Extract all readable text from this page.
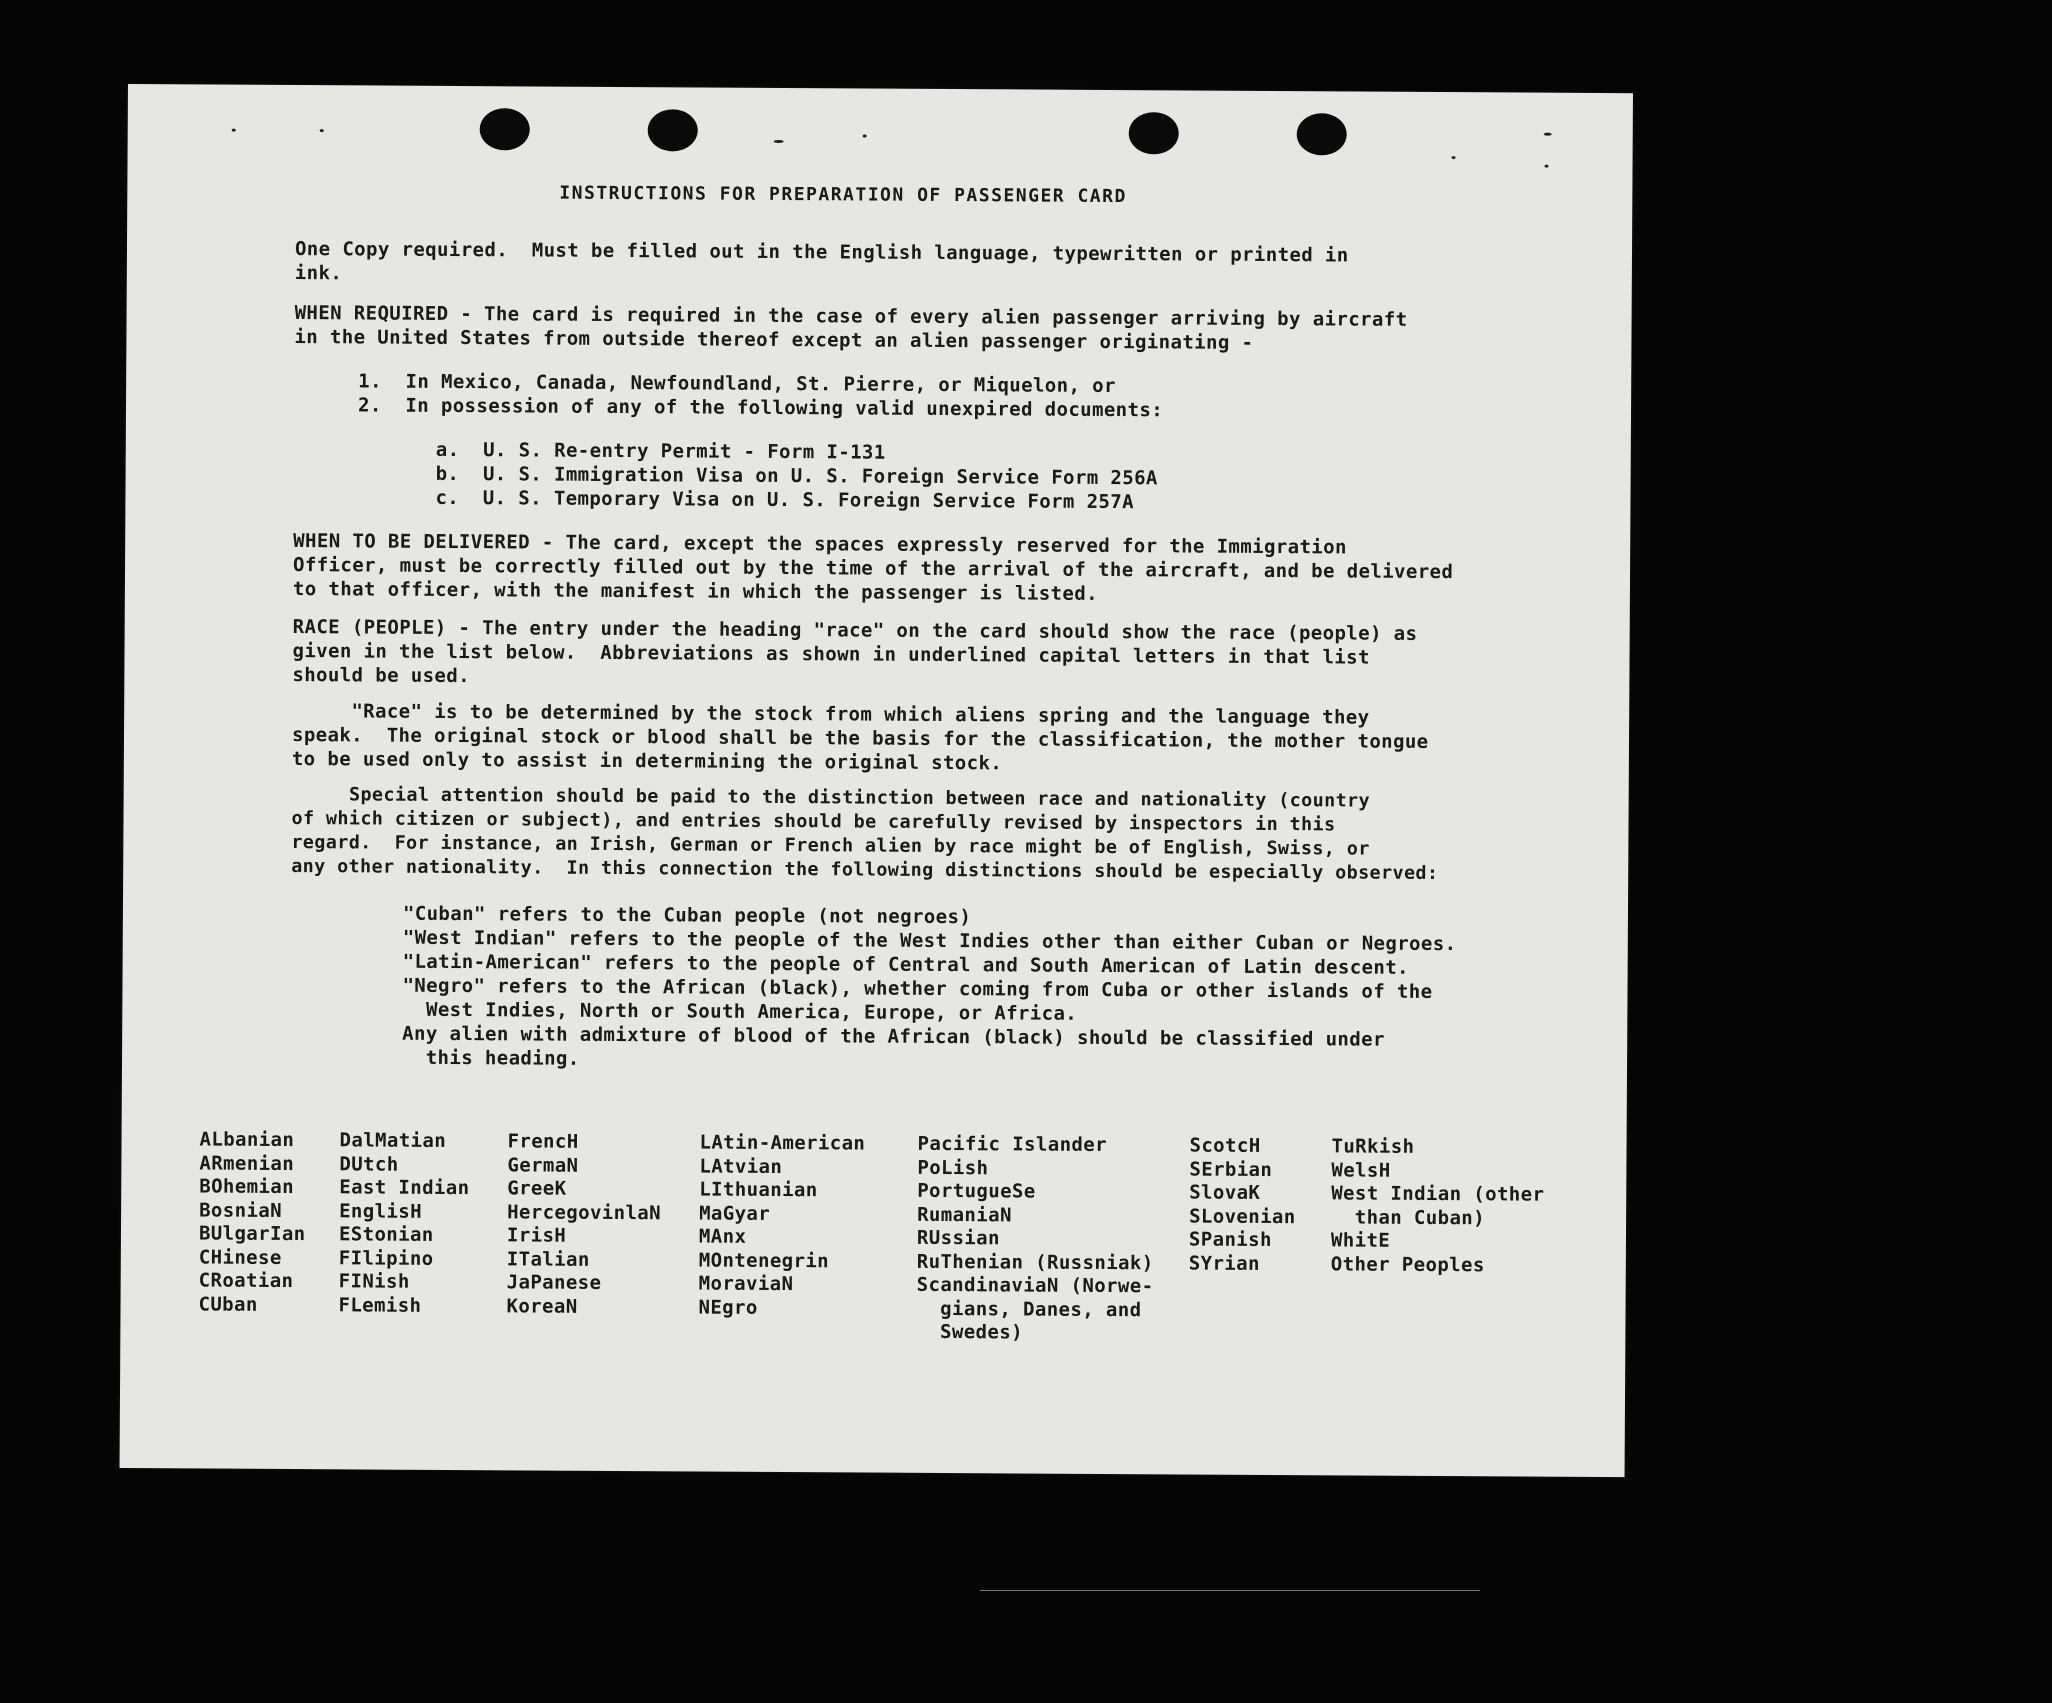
INSTRUCTIONS FOR PREPARATION OF PASSENGER CARD
One Copy required.  Must be filled out in the English language, typewritten or printed in
ink.
WHEN REQUIRED - The card is required in the case of every alien passenger arriving by aircraft
in the United States from outside thereof except an alien passenger originating -
1.  In Mexico, Canada, Newfoundland, St. Pierre, or Miquelon, or
2.  In possession of any of the following valid unexpired documents:
a.  U. S. Re-entry Permit - Form I-131
b.  U. S. Immigration Visa on U. S. Foreign Service Form 256A
c.  U. S. Temporary Visa on U. S. Foreign Service Form 257A
WHEN TO BE DELIVERED - The card, except the spaces expressly reserved for the Immigration
Officer, must be correctly filled out by the time of the arrival of the aircraft, and be delivered
to that officer, with the manifest in which the passenger is listed.
RACE (PEOPLE) - The entry under the heading "race" on the card should show the race (people) as
given in the list below.  Abbreviations as shown in underlined capital letters in that list
should be used.
"Race" is to be determined by the stock from which aliens spring and the language they
speak.  The original stock or blood shall be the basis for the classification, the mother tongue
to be used only to assist in determining the original stock.
Special attention should be paid to the distinction between race and nationality (country
of which citizen or subject), and entries should be carefully revised by inspectors in this
regard.  For instance, an Irish, German or French alien by race might be of English, Swiss, or
any other nationality.  In this connection the following distinctions should be especially observed:
"Cuban" refers to the Cuban people (not negroes)
"West Indian" refers to the people of the West Indies other than either Cuban or Negroes.
"Latin-American" refers to the people of Central and South American of Latin descent.
"Negro" refers to the African (black), whether coming from Cuba or other islands of the
West Indies, North or South America, Europe, or Africa.
Any alien with admixture of blood of the African (black) should be classified under
this heading.
ALbanian
ARmenian
BOhemian
BosniaN
BUlgarIan
CHinese
CRoatian
CUban
DalMatian
DUtch
East Indian
EnglisH
EStonian
FIlipino
FINish
FLemish
FrencH
GermaN
GreeK
HercegovinlaN
IrisH
ITalian
JaPanese
KoreaN
LAtin-American
LAtvian
LIthuanian
MaGyar
MAnx
MOntenegrin
MoraviaN
NEgro
Pacific Islander
PoLish
PortugueSe
RumaniaN
RUssian
RuThenian (Russniak)
ScandinaviaN (Norwe-
gians, Danes, and
Swedes)
ScotcH
SErbian
SlovaK
SLovenian
SPanish
SYrian
TuRkish
WelsH
West Indian (other
than Cuban)
WhitE
Other Peoples
